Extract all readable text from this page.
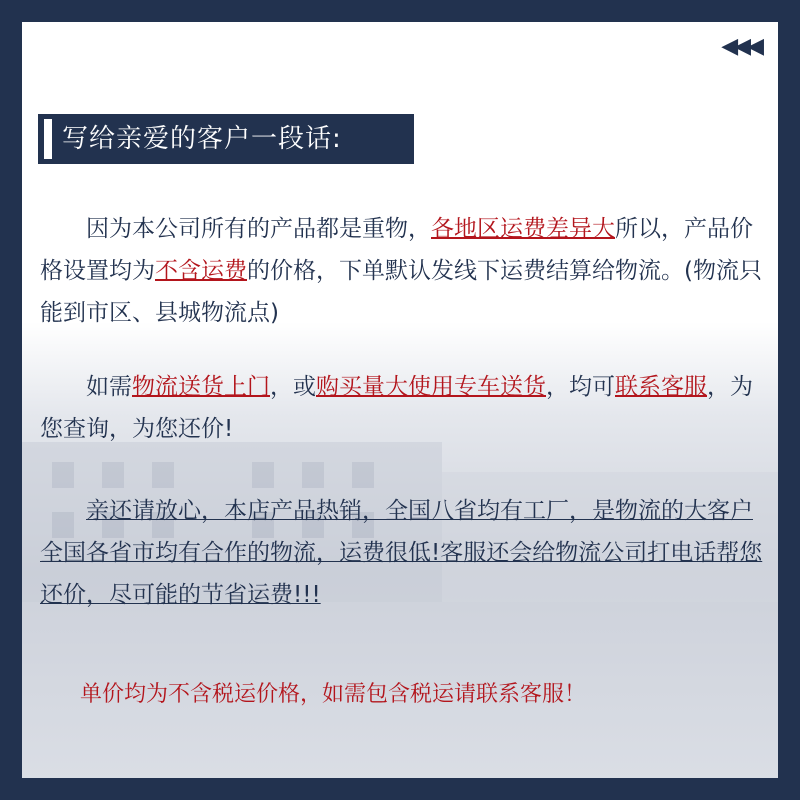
◀◀◀
写给亲爱的客户一段话:

因为本公司所有的产品都是重物，各地区运费差异大所以，产品价格设置均为不含运费的价格，下单默认发线下运费结算给物流。(物流只能到市区、县城物流点)

如需物流送货上门，或购买量大使用专车送货，均可联系客服，为您查询，为您还价!

亲还请放心，本店产品热销，全国八省均有工厂，是物流的大客户全国各省市均有合作的物流，运费很低!客服还会给物流公司打电话帮您还价，尽可能的节省运费!!!

单价均为不含税运价格，如需包含税运请联系客服！
